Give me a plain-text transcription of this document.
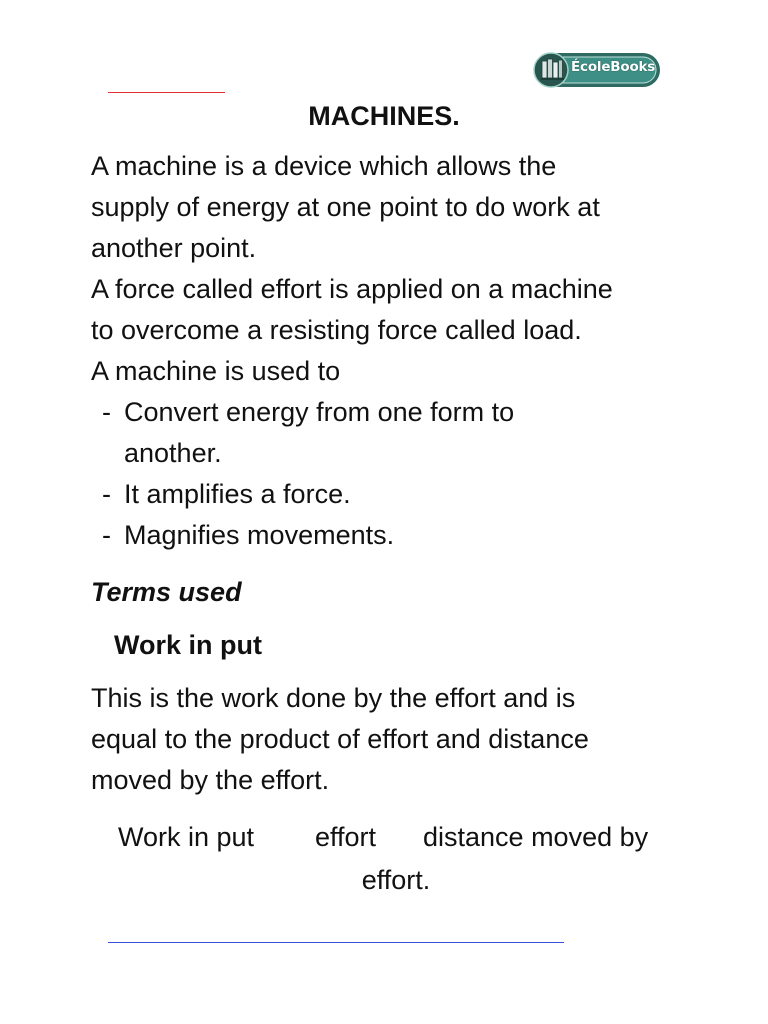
ÉcoleBooks
MACHINES.

A machine is a device which allows the

supply of energy at one point to do work at

another point.

A force called effort is applied on a machine

to overcome a resisting force called load.

A machine is used to

- Convert energy from one form to
another.
- It amplifies a force.
- Magnifies movements.
Terms used
Work in put

This is the work done by the effort and is

equal to the product of effort and distance

moved by the effort.

Work in put effort distance moved by
effort.
